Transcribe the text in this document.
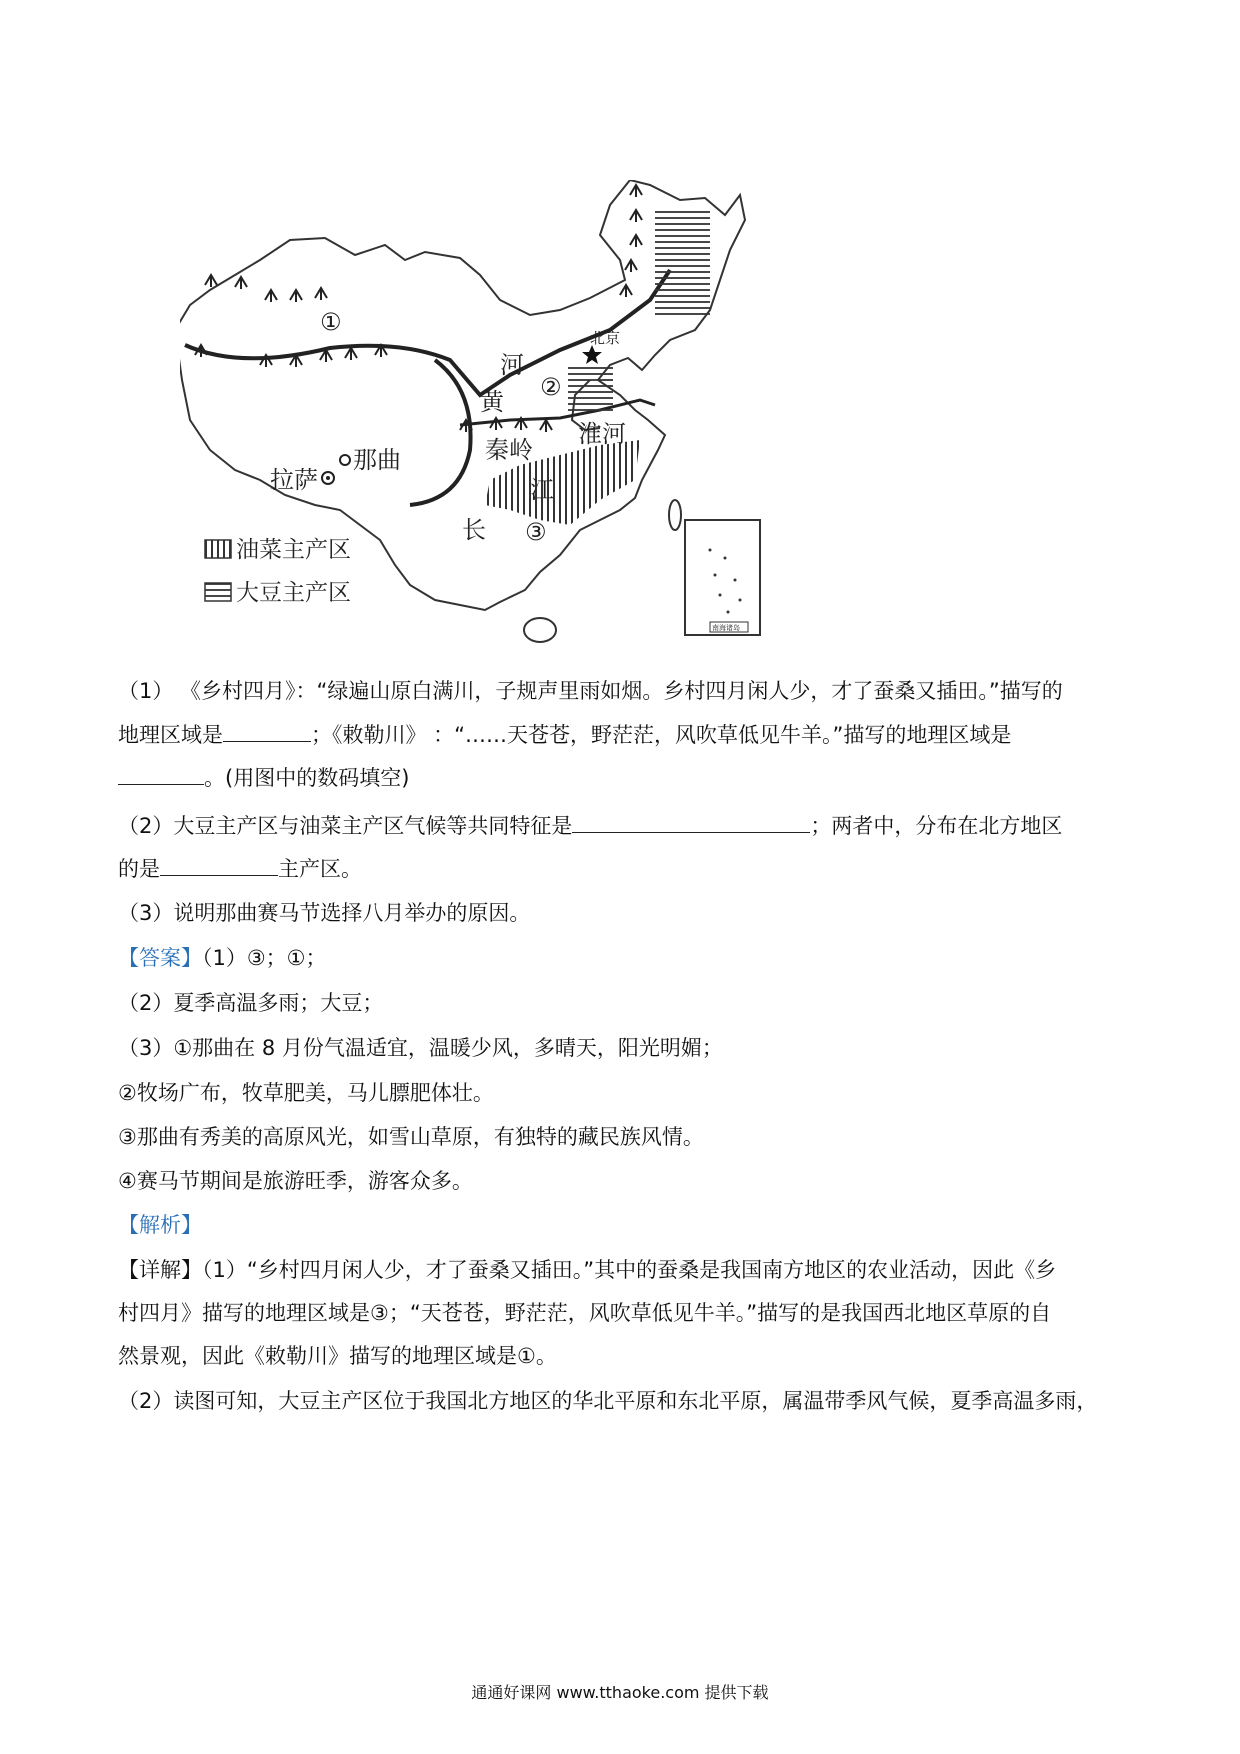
①
②
③
北京
河
黄
秦岭
淮河
江
长
那曲
拉萨
油菜主产区
大豆主产区
南海诸岛
（1） 《乡村四月》：“绿遍山原白满川，子规声里雨如烟。乡村四月闲人少，才了蚕桑又插田。”描写的
地理区域是	；《敕勒川》 ：“……天苍苍，野茫茫，风吹草低见牛羊。”描写的地理区域是
。(用图中的数码填空)
（2）大豆主产区与油菜主产区气候等共同特征是	；两者中，分布在北方地区
的是	主产区。
（3）说明那曲赛马节选择八月举办的原因。
【答案】（1）③；①；
（2）夏季高温多雨；大豆；
（3）①那曲在 8 月份气温适宜，温暖少风，多晴天，阳光明媚；
②牧场广布，牧草肥美，马儿膘肥体壮。
③那曲有秀美的高原风光，如雪山草原，有独特的藏民族风情。
④赛马节期间是旅游旺季，游客众多。
【解析】
【详解】（1）“乡村四月闲人少，才了蚕桑又插田。”其中的蚕桑是我国南方地区的农业活动，因此《乡
村四月》描写的地理区域是③；“天苍苍，野茫茫，风吹草低见牛羊。”描写的是我国西北地区草原的自
然景观，因此《敕勒川》描写的地理区域是①。
（2）读图可知，大豆主产区位于我国北方地区的华北平原和东北平原，属温带季风气候，夏季高温多雨，
通通好课网 www.tthaoke.com 提供下载
